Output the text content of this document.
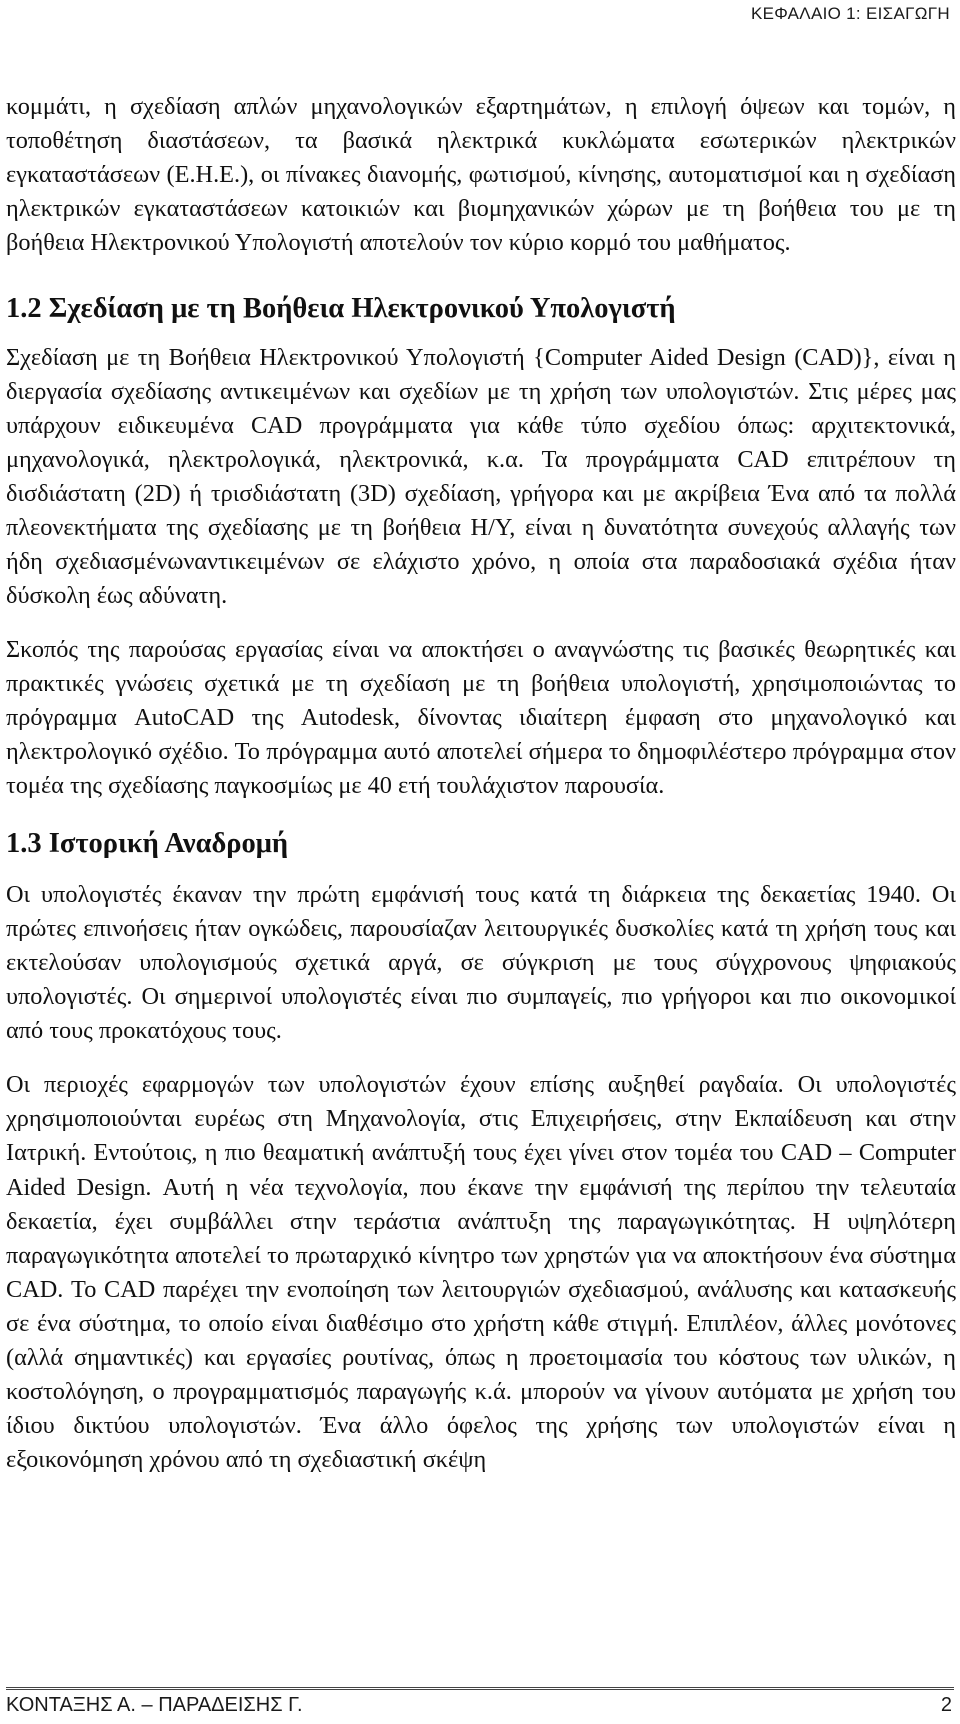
ΚΕΦΑΛΑΙΟ 1: ΕΙΣΑΓΩΓΗ

κομμάτι, η σχεδίαση απλών μηχανολογικών εξαρτημάτων, η επιλογή όψεων και τομών, η τοποθέτηση διαστάσεων, τα βασικά ηλεκτρικά κυκλώματα εσωτερικών ηλεκτρικών εγκαταστάσεων (Ε.Η.Ε.), οι πίνακες διανομής, φωτισμού, κίνησης, αυτοματισμοί και η σχεδίαση ηλεκτρικών εγκαταστάσεων κατοικιών και βιομηχανικών χώρων με τη βοήθεια του με τη βοήθεια Ηλεκτρονικού Υπολογιστή αποτελούν τον κύριο κορμό του μαθήματος.

1.2 Σχεδίαση με τη Βοήθεια Ηλεκτρονικού Υπολογιστή

Σχεδίαση με τη Βοήθεια Ηλεκτρονικού Υπολογιστή {Computer Aided Design (CAD)}, είναι η διεργασία σχεδίασης αντικειμένων και σχεδίων με τη χρήση των υπολογιστών. Στις μέρες μας υπάρχουν ειδικευμένα CAD προγράμματα για κάθε τύπο σχεδίου όπως: αρχιτεκτονικά, μηχανολογικά, ηλεκτρολογικά, ηλεκτρονικά, κ.α. Τα προγράμματα CAD επιτρέπουν τη δισδιάστατη (2D) ή τρισδιάστατη (3D) σχεδίαση, γρήγορα και με ακρίβεια Ένα από τα πολλά πλεονεκτήματα της σχεδίασης με τη βοήθεια Η/Υ, είναι η δυνατότητα συνεχούς αλλαγής των ήδη σχεδιασμένωναντικειμένων σε ελάχιστο χρόνο, η οποία στα παραδοσιακά σχέδια ήταν δύσκολη έως αδύνατη.

Σκοπός της παρούσας εργασίας είναι να αποκτήσει ο αναγνώστης τις βασικές θεωρητικές και πρακτικές γνώσεις σχετικά με τη σχεδίαση με τη βοήθεια υπολογιστή, χρησιμοποιώντας το πρόγραμμα AutoCAD της Autodesk, δίνοντας ιδιαίτερη έμφαση στο μηχανολογικό και ηλεκτρολογικό σχέδιο. Το πρόγραμμα αυτό αποτελεί σήμερα το δημοφιλέστερο πρόγραμμα στον τομέα της σχεδίασης παγκοσμίως με 40 ετή τουλάχιστον παρουσία.

1.3 Ιστορική Αναδρομή

Οι υπολογιστές έκαναν την πρώτη εμφάνισή τους κατά τη διάρκεια της δεκαετίας 1940. Οι πρώτες επινοήσεις ήταν ογκώδεις, παρουσίαζαν λειτουργικές δυσκολίες κατά τη χρήση τους και εκτελούσαν υπολογισμούς σχετικά αργά, σε σύγκριση με τους σύγχρονους ψηφιακούς υπολογιστές. Οι σημερινοί υπολογιστές είναι πιο συμπαγείς, πιο γρήγοροι και πιο οικονομικοί από τους προκατόχους τους.

Οι περιοχές εφαρμογών των υπολογιστών έχουν επίσης αυξηθεί ραγδαία. Οι υπολογιστές χρησιμοποιούνται ευρέως στη Μηχανολογία, στις Επιχειρήσεις, στην Εκπαίδευση και στην Ιατρική. Εντούτοις, η πιο θεαματική ανάπτυξή τους έχει γίνει στον τομέα του CAD – Computer Aided Design. Αυτή η νέα τεχνολογία, που έκανε την εμφάνισή της περίπου την τελευταία δεκαετία, έχει συμβάλλει στην τεράστια ανάπτυξη της παραγωγικότητας. Η υψηλότερη παραγωγικότητα αποτελεί το πρωταρχικό κίνητρο των χρηστών για να αποκτήσουν ένα σύστημα CAD. Το CAD παρέχει την ενοποίηση των λειτουργιών σχεδιασμού, ανάλυσης και κατασκευής σε ένα σύστημα, το οποίο είναι διαθέσιμο στο χρήστη κάθε στιγμή. Επιπλέον, άλλες μονότονες (αλλά σημαντικές) και εργασίες ρουτίνας, όπως η προετοιμασία του κόστους των υλικών, η κοστολόγηση, ο προγραμματισμός παραγωγής κ.ά. μπορούν να γίνουν αυτόματα με χρήση του ίδιου δικτύου υπολογιστών. Ένα άλλο όφελος της χρήσης των υπολογιστών είναι η εξοικονόμηση χρόνου από τη σχεδιαστική σκέψη

ΚΟΝΤΑΞΗΣ Α. – ΠΑΡΑΔΕΙΣΗΣ Γ.	2
